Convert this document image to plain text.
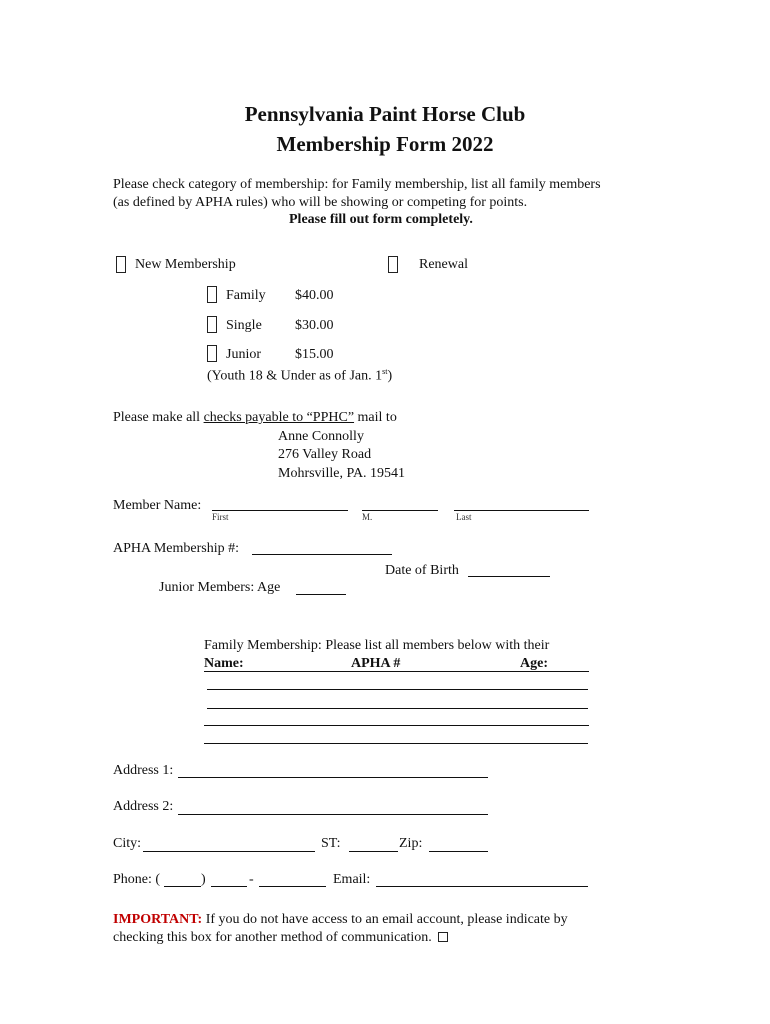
Pennsylvania Paint Horse Club
Membership Form 2022
Please check category of membership: for Family membership, list all family members
(as defined by APHA rules) who will be showing or competing for points.
Please fill out form completely.
New Membership	Renewal
Family $40.00
Single $30.00
Junior $15.00
(Youth 18 & Under as of Jan. 1st)
Please make all checks payable to “PPHC” mail to
Anne Connolly
276 Valley Road
Mohrsville, PA. 19541
Member Name:
First	M.	Last
APHA Membership #:
Date of Birth
Junior Members: Age
Family Membership: Please list all members below with their
Name:	APHA #	Age:
Address 1:
Address 2:
City:	ST:	Zip:
Phone: (	)	-	Email:
IMPORTANT: If you do not have access to an email account, please indicate by
checking this box for another method of communication.
